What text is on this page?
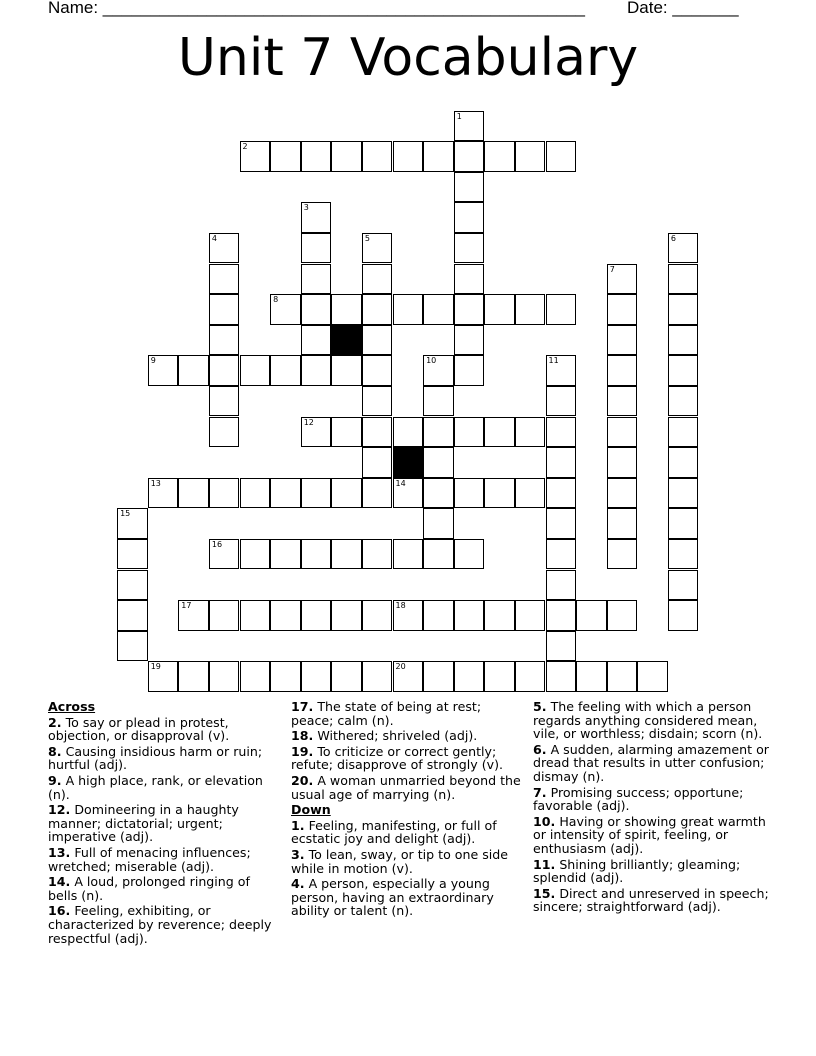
Name: ___________________________________________________ Date: _______
Unit 7 Vocabulary
1
2
3
4	5	6
7
8
9	10	11
12
13	14
15
16
17	18
19	20
Across
2. To say or plead in protest, objection, or disapproval (v).
8. Causing insidious harm or ruin; hurtful (adj).
9. A high place, rank, or elevation (n).
12. Domineering in a haughty manner; dictatorial; urgent; imperative (adj).
13. Full of menacing influences; wretched; miserable (adj).
14. A loud, prolonged ringing of bells (n).
16. Feeling, exhibiting, or characterized by reverence; deeply respectful (adj).
17. The state of being at rest; peace; calm (n).
18. Withered; shriveled (adj).
19. To criticize or correct gently; refute; disapprove of strongly (v).
20. A woman unmarried beyond the usual age of marrying (n).
Down
1. Feeling, manifesting, or full of ecstatic joy and delight (adj).
3. To lean, sway, or tip to one side while in motion (v).
4. A person, especially a young person, having an extraordinary ability or talent (n).
5. The feeling with which a person regards anything considered mean, vile, or worthless; disdain; scorn (n).
6. A sudden, alarming amazement or dread that results in utter confusion; dismay (n).
7. Promising success; opportune; favorable (adj).
10. Having or showing great warmth or intensity of spirit, feeling, or enthusiasm (adj).
11. Shining brilliantly; gleaming; splendid (adj).
15. Direct and unreserved in speech; sincere; straightforward (adj).
